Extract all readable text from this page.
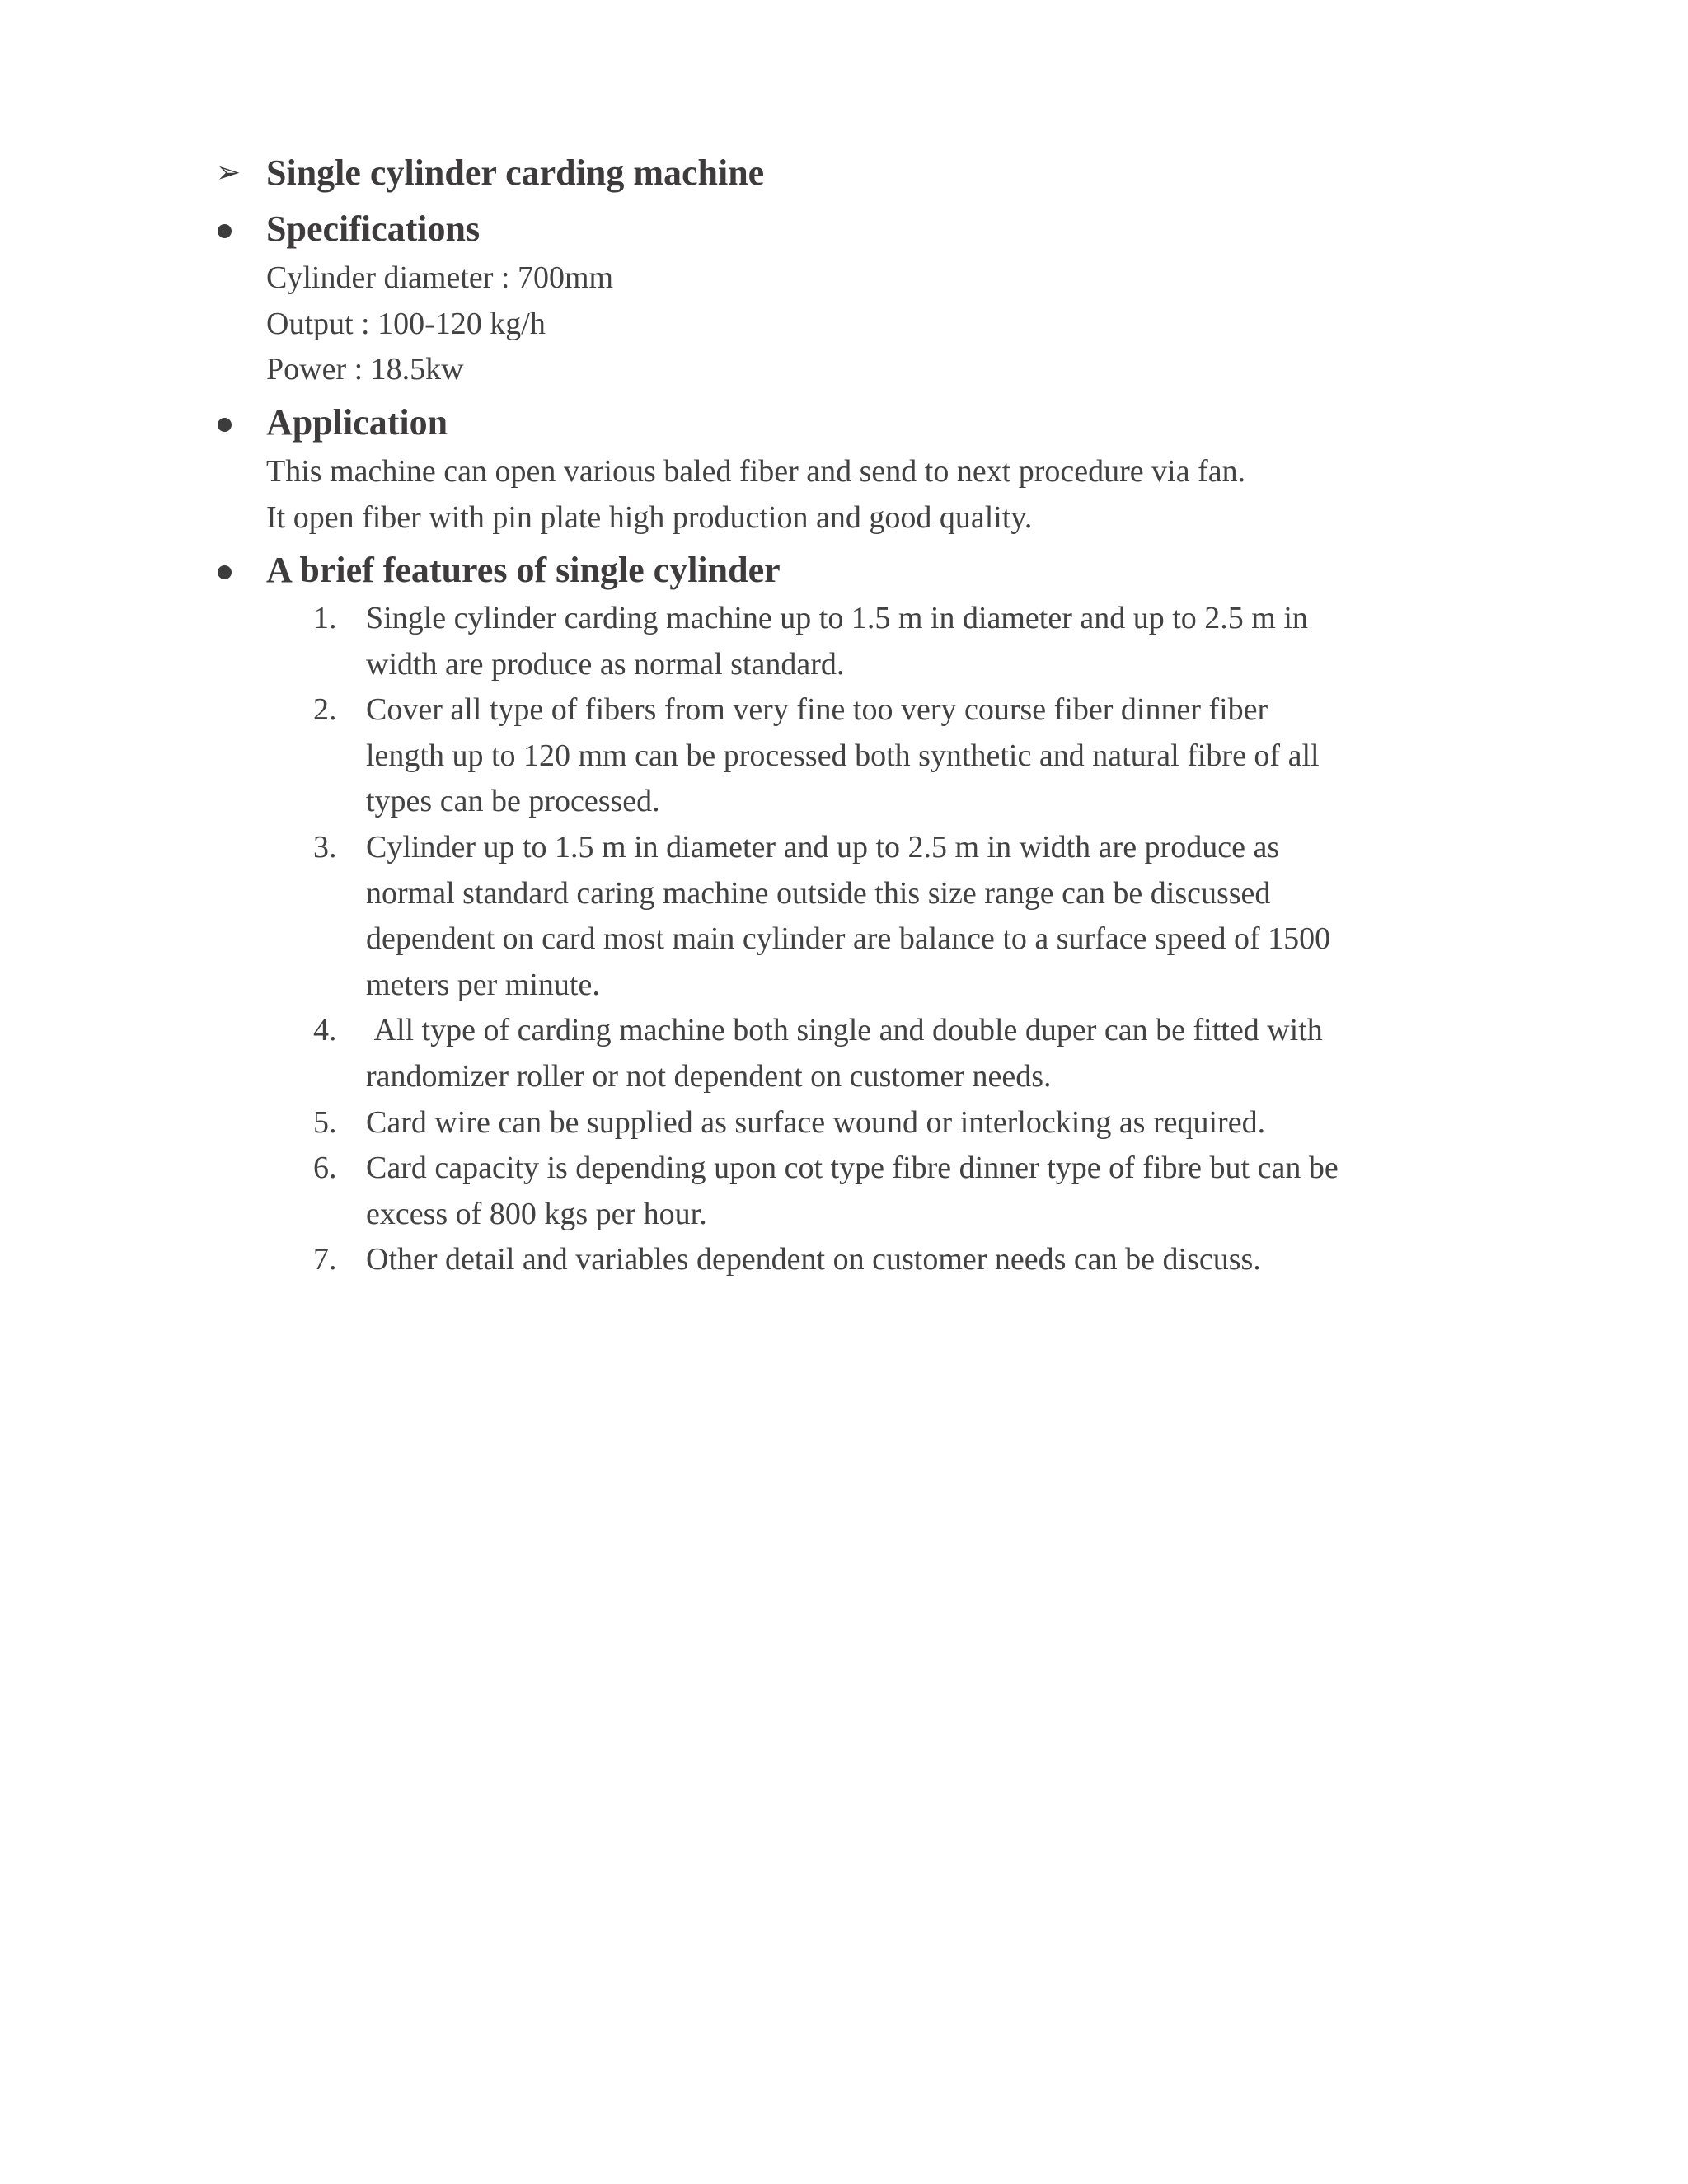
➢ Single cylinder carding machine
Specifications
Cylinder diameter : 700mm
Output : 100-120 kg/h
Power : 18.5kw
Application
This machine can open various baled fiber and send to next procedure via fan.
It open fiber with pin plate high production and good quality.
A brief features of single cylinder
1. Single cylinder carding machine up to 1.5 m in diameter and up to 2.5 m in width are produce as normal standard.
2. Cover all type of fibers from very fine too very course fiber dinner fiber length up to 120 mm can be processed both synthetic and natural fibre of all types can be processed.
3. Cylinder up to 1.5 m in diameter and up to 2.5 m in width are produce as normal standard caring machine outside this size range can be discussed dependent on card most main cylinder are balance to a surface speed of 1500 meters per minute.
4. All type of carding machine both single and double duper can be fitted with randomizer roller or not dependent on customer needs.
5. Card wire can be supplied as surface wound or interlocking as required.
6. Card capacity is depending upon cot type fibre dinner type of fibre but can be excess of 800 kgs per hour.
7. Other detail and variables dependent on customer needs can be discuss.
